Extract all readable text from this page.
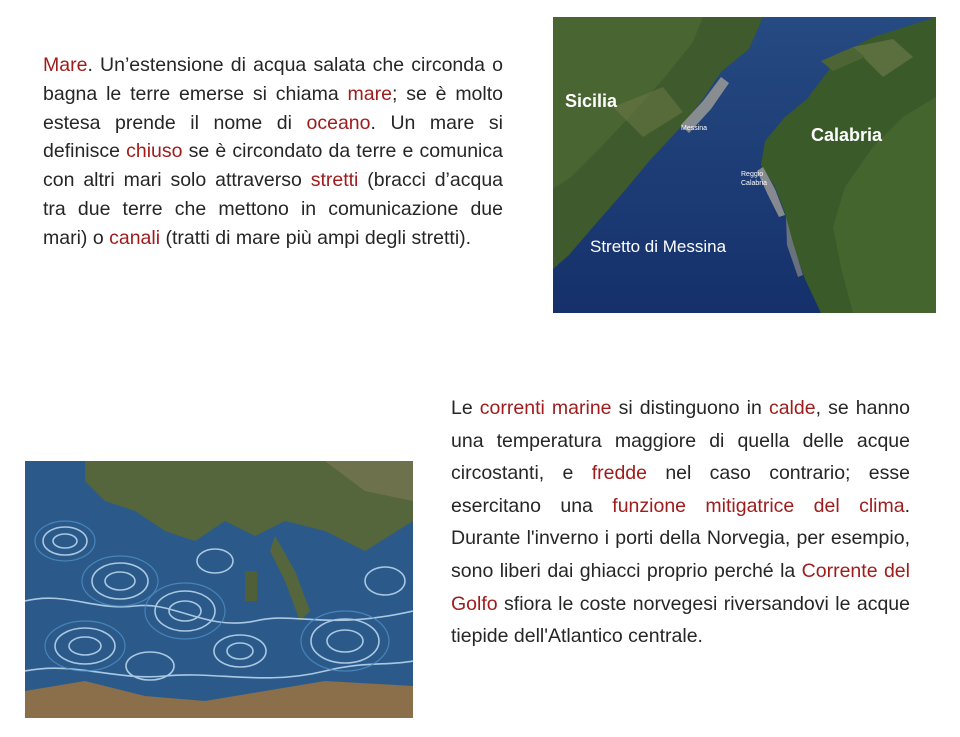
Mare. Un’estensione di acqua salata che circonda o bagna le terre emerse si chiama mare; se è molto estesa prende il nome di oceano. Un mare si definisce chiuso se è circondato da terre e comunica con altri mari solo attraverso stretti (bracci d’acqua tra due terre che mettono in comunicazione due mari) o canali (tratti di mare più ampi degli stretti).

Sicilia
Calabria
Messina
Reggio
Calabria
Stretto di Messina

Le correnti marine si distinguono in calde, se hanno una temperatura maggiore di quella delle acque circostanti, e fredde nel caso contrario; esse esercitano una funzione mitigatrice del clima. Durante l'inverno i porti della Norvegia, per esempio, sono liberi dai ghiacci proprio perché la Corrente del Golfo sfiora le coste norvegesi riversandovi le acque tiepide dell'Atlantico centrale.
